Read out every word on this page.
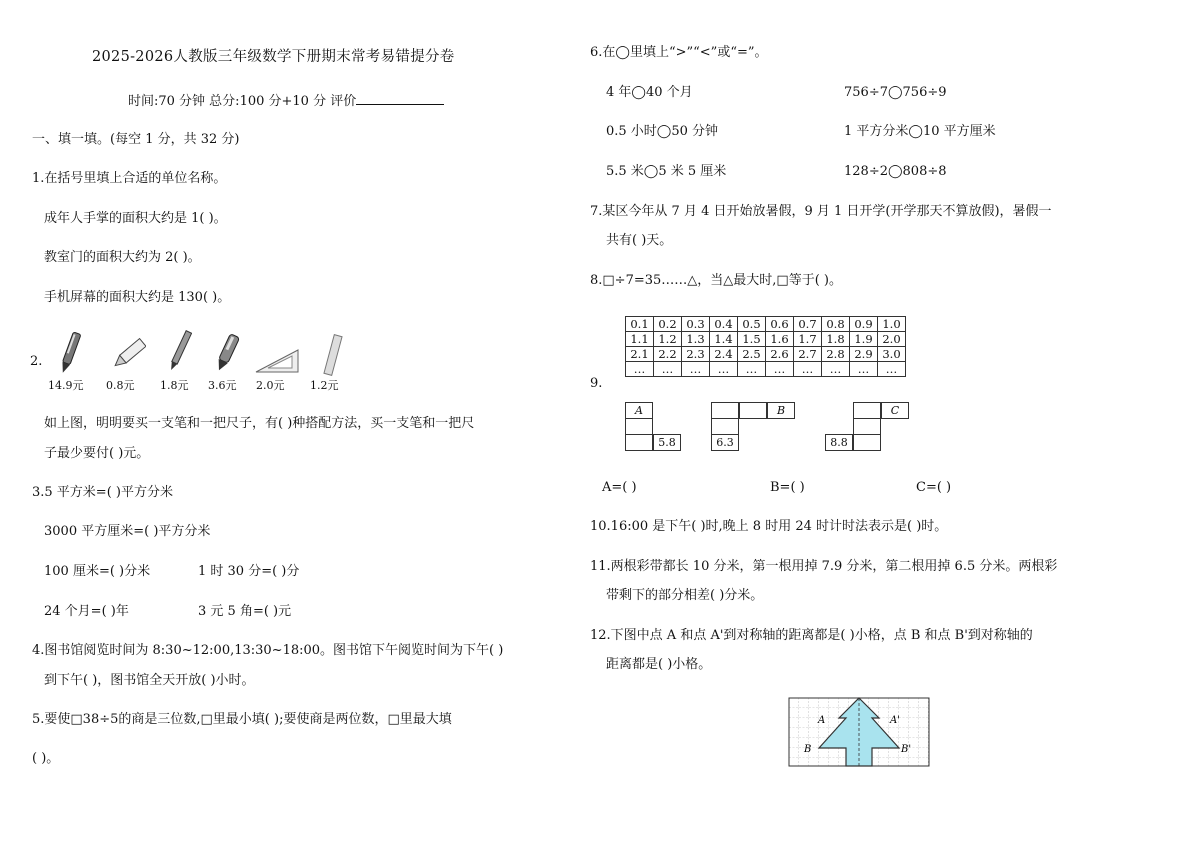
2025-2026人教版三年级数学下册期末常考易错提分卷
时间:70 分钟 总分:100 分+10 分 评价
一、填一填。(每空 1 分，共 32 分)
1.在括号里填上合适的单位名称。
成年人手掌的面积大约是 1( )。
教室门的面积大约为 2( )。
手机屏幕的面积大约是 130( )。
2.
14.9元 0.8元 1.8元 3.6元 2.0元 1.2元
如上图，明明要买一支笔和一把尺子，有( )种搭配方法，买一支笔和一把尺
子最少要付( )元。
3.5 平方米=( )平方分米
3000 平方厘米=( )平方分米
100 厘米=( )分米	1 时 30 分=( )分
24 个月=( )年	3 元 5 角=( )元
4.图书馆阅览时间为 8:30~12:00,13:30~18:00。图书馆下午阅览时间为下午( )
到下午( )，图书馆全天开放( )小时。
5.要使□38÷5的商是三位数,□里最小填( );要使商是两位数，□里最大填
( )。
6.在◯里填上“>”“<”或“=”。
4 年◯40 个月	756÷7◯756÷9
0.5 小时◯50 分钟	1 平方分米◯10 平方厘米
5.5 米◯5 米 5 厘米	128÷2◯808÷8
7.某区今年从 7 月 4 日开始放暑假，9 月 1 日开学(开学那天不算放假)，暑假一
共有( )天。
8.□÷7=35……△，当△最大时,□等于( )。
9.
0.1	0.2	0.3	0.4	0.5	0.6	0.7	0.8	0.9	1.0
1.1	1.2	1.3	1.4	1.5	1.6	1.7	1.8	1.9	2.0
2.1	2.2	2.3	2.4	2.5	2.6	2.7	2.8	2.9	3.0
…	…	…	…	…	…	…	…	…	…
A
5.8
B
6.3
C
8.8
A=( )	B=( )	C=( )
10.16:00 是下午( )时,晚上 8 时用 24 时计时法表示是( )时。
11.两根彩带都长 10 分米，第一根用掉 7.9 分米，第二根用掉 6.5 分米。两根彩
带剩下的部分相差( )分米。
12.下图中点 A 和点 A'到对称轴的距离都是( )小格，点 B 和点 B'到对称轴的
距离都是( )小格。
A	A'
B	B'
